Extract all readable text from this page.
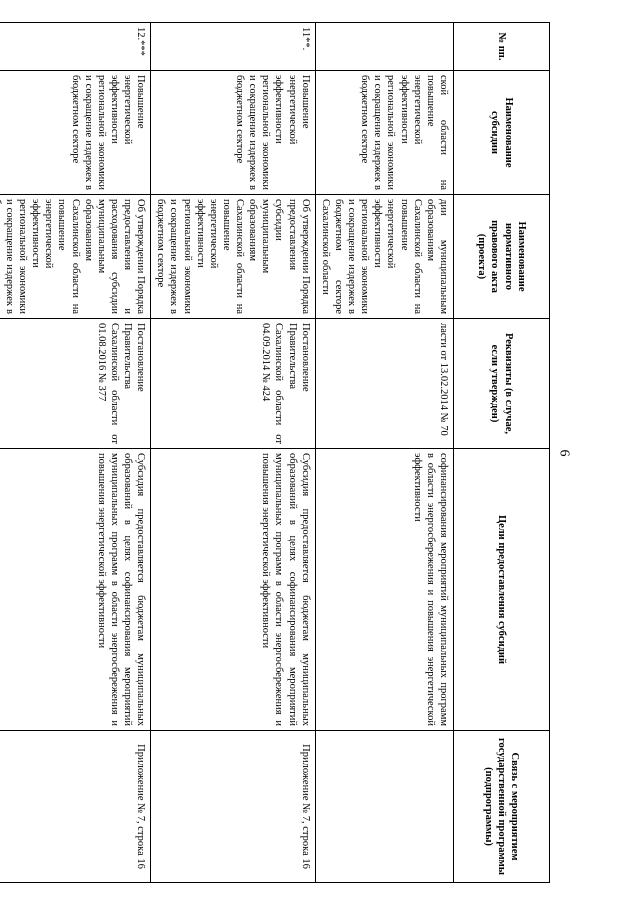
6
№ пп.	Наименование субсидии	Наименование нормативного правового акта (проекта)	Реквизиты (в случае, если утвержден)	Цели предоставления субсидий	Связь с мероприятием государственной программы (подпрограммы)
	ской области на повышение энергетической эффективности региональной экономики и сокращение издержек в бюджетном секторе	дии муниципальным образованиям Сахалинской области на повышение энергетической эффективности региональной экономики и сокращение издержек в бюджетном секторе Сахалинской области	ласти от 13.02.2014 № 70	софинансирования мероприятий муниципальных программ в области энергосбережения и повышения энергетической эффективности	
11**.	Повышение энергетической эффективности региональной экономики и сокращение издержек в бюджетном секторе	Об утверждении Порядка предоставления субсидии муниципальным образованиям Сахалинской области на повышение энергетической эффективности региональной экономики и сокращение издержек в бюджетном секторе	Постановление Правительства Сахалинской области от 04.09.2014 № 424	Субсидия предоставляется бюджетам муниципальных образований в целях софинансирования мероприятий муниципальных программ в области энергосбережения и повышения энергетической эффективности	Приложение № 7, строка 16
12.***	Повышение энергетической эффективности региональной экономики и сокращение издержек в бюджетном секторе	Об утверждении Порядка предоставления и расходования субсидии муниципальным образованиям Сахалинской области на повышение энергетической эффективности региональной экономики и сокращение издержек в	Постановление Правительства Сахалинской области от 01.08.2016 № 377	Субсидия предоставляется бюджетам муниципальных образований в целях софинансирования мероприятий муниципальных программ в области энергосбережения и повышения энергетической эффективности	Приложение № 7, строка 16
